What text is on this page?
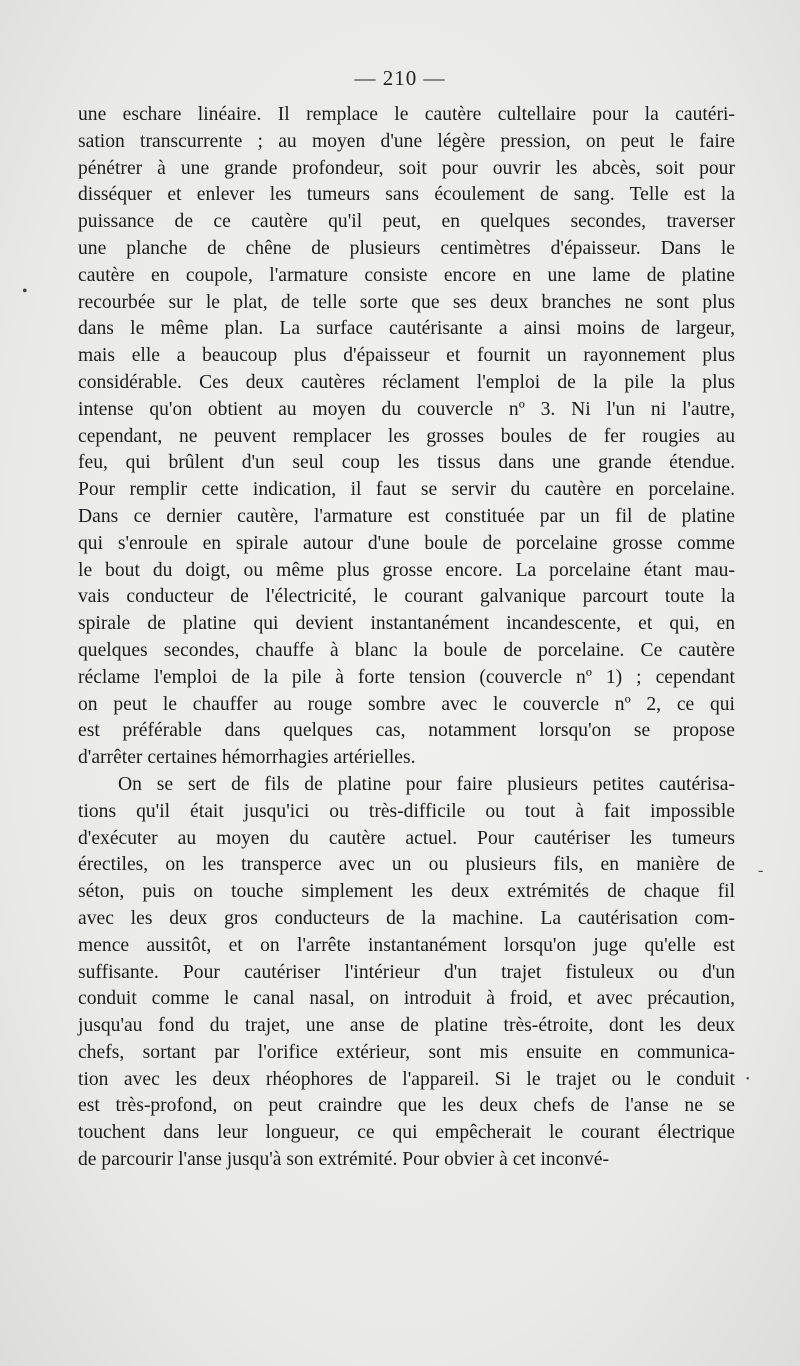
— 210 —
•
-
•
une eschare linéaire. Il remplace le cautère cultellaire pour la cautéri-
sation transcurrente ; au moyen d'une légère pression, on peut le faire
pénétrer à une grande profondeur, soit pour ouvrir les abcès, soit pour
disséquer et enlever les tumeurs sans écoulement de sang. Telle est la
puissance de ce cautère qu'il peut, en quelques secondes, traverser
une planche de chêne de plusieurs centimètres d'épaisseur. Dans le
cautère en coupole, l'armature consiste encore en une lame de platine
recourbée sur le plat, de telle sorte que ses deux branches ne sont plus
dans le même plan. La surface cautérisante a ainsi moins de largeur,
mais elle a beaucoup plus d'épaisseur et fournit un rayonnement plus
considérable. Ces deux cautères réclament l'emploi de la pile la plus
intense qu'on obtient au moyen du couvercle nº 3. Ni l'un ni l'autre,
cependant, ne peuvent remplacer les grosses boules de fer rougies au
feu, qui brûlent d'un seul coup les tissus dans une grande étendue.
Pour remplir cette indication, il faut se servir du cautère en porcelaine.
Dans ce dernier cautère, l'armature est constituée par un fil de platine
qui s'enroule en spirale autour d'une boule de porcelaine grosse comme
le bout du doigt, ou même plus grosse encore. La porcelaine étant mau-
vais conducteur de l'électricité, le courant galvanique parcourt toute la
spirale de platine qui devient instantanément incandescente, et qui, en
quelques secondes, chauffe à blanc la boule de porcelaine. Ce cautère
réclame l'emploi de la pile à forte tension (couvercle nº 1) ; cependant
on peut le chauffer au rouge sombre avec le couvercle nº 2, ce qui
est préférable dans quelques cas, notamment lorsqu'on se propose
d'arrêter certaines hémorrhagies artérielles.
On se sert de fils de platine pour faire plusieurs petites cautérisa-
tions qu'il était jusqu'ici ou très-difficile ou tout à fait impossible
d'exécuter au moyen du cautère actuel. Pour cautériser les tumeurs
érectiles, on les transperce avec un ou plusieurs fils, en manière de
séton, puis on touche simplement les deux extrémités de chaque fil
avec les deux gros conducteurs de la machine. La cautérisation com-
mence aussitôt, et on l'arrête instantanément lorsqu'on juge qu'elle est
suffisante. Pour cautériser l'intérieur d'un trajet fistuleux ou d'un
conduit comme le canal nasal, on introduit à froid, et avec précaution,
jusqu'au fond du trajet, une anse de platine très-étroite, dont les deux
chefs, sortant par l'orifice extérieur, sont mis ensuite en communica-
tion avec les deux rhéophores de l'appareil. Si le trajet ou le conduit
est très-profond, on peut craindre que les deux chefs de l'anse ne se
touchent dans leur longueur, ce qui empêcherait le courant électrique
de parcourir l'anse jusqu'à son extrémité. Pour obvier à cet inconvé-
